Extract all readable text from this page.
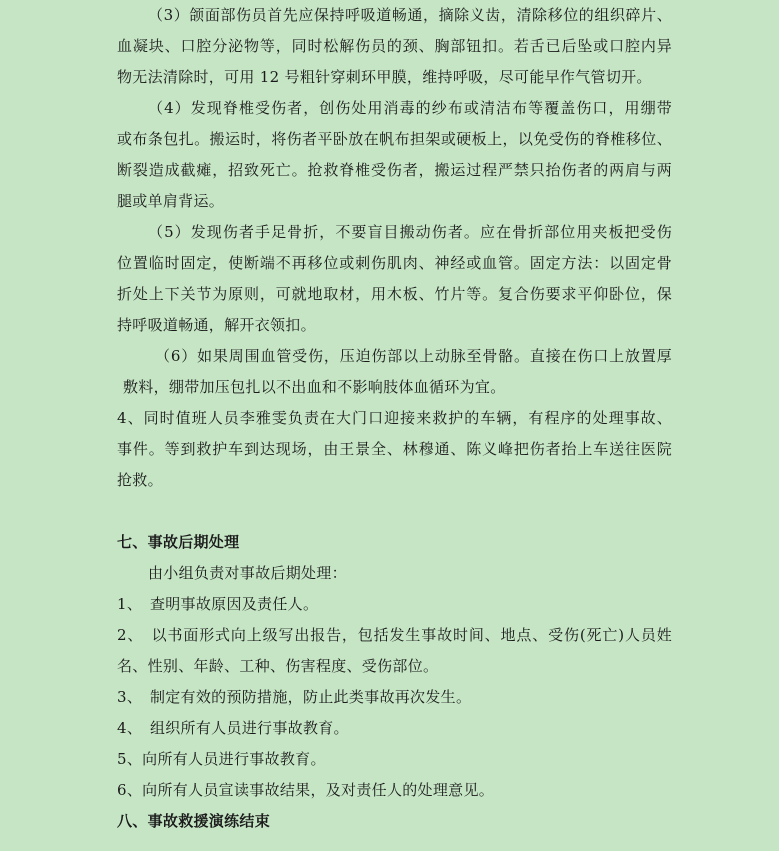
（3）颌面部伤员首先应保持呼吸道畅通，摘除义齿，清除移位的组织碎片、
血凝块、口腔分泌物等，同时松解伤员的颈、胸部钮扣。若舌已后坠或口腔内异
物无法清除时，可用 12 号粗针穿刺环甲膜，维持呼吸，尽可能早作气管切开。
（4）发现脊椎受伤者，创伤处用消毒的纱布或清洁布等覆盖伤口，用绷带
或布条包扎。搬运时，将伤者平卧放在帆布担架或硬板上，以免受伤的脊椎移位、
断裂造成截瘫，招致死亡。抢救脊椎受伤者，搬运过程严禁只抬伤者的两肩与两
腿或单肩背运。
（5）发现伤者手足骨折，不要盲目搬动伤者。应在骨折部位用夹板把受伤
位置临时固定，使断端不再移位或刺伤肌肉、神经或血管。固定方法：以固定骨
折处上下关节为原则，可就地取材，用木板、竹片等。复合伤要求平仰卧位，保
持呼吸道畅通，解开衣领扣。
（6）如果周围血管受伤，压迫伤部以上动脉至骨骼。直接在伤口上放置厚
敷料，绷带加压包扎以不出血和不影响肢体血循环为宜。
4、同时值班人员李雅雯负责在大门口迎接来救护的车辆，有程序的处理事故、
事件。等到救护车到达现场，由王景全、林穆通、陈义峰把伤者抬上车送往医院
抢救。
七、事故后期处理
由小组负责对事故后期处理：
1、　查明事故原因及责任人。
2、　以书面形式向上级写出报告，包括发生事故时间、地点、受伤(死亡)人员姓
名、性别、年龄、工种、伤害程度、受伤部位。
3、　制定有效的预防措施，防止此类事故再次发生。
4、　组织所有人员进行事故教育。
5、向所有人员进行事故教育。
6、向所有人员宣读事故结果，及对责任人的处理意见。
八、事故救援演练结束
